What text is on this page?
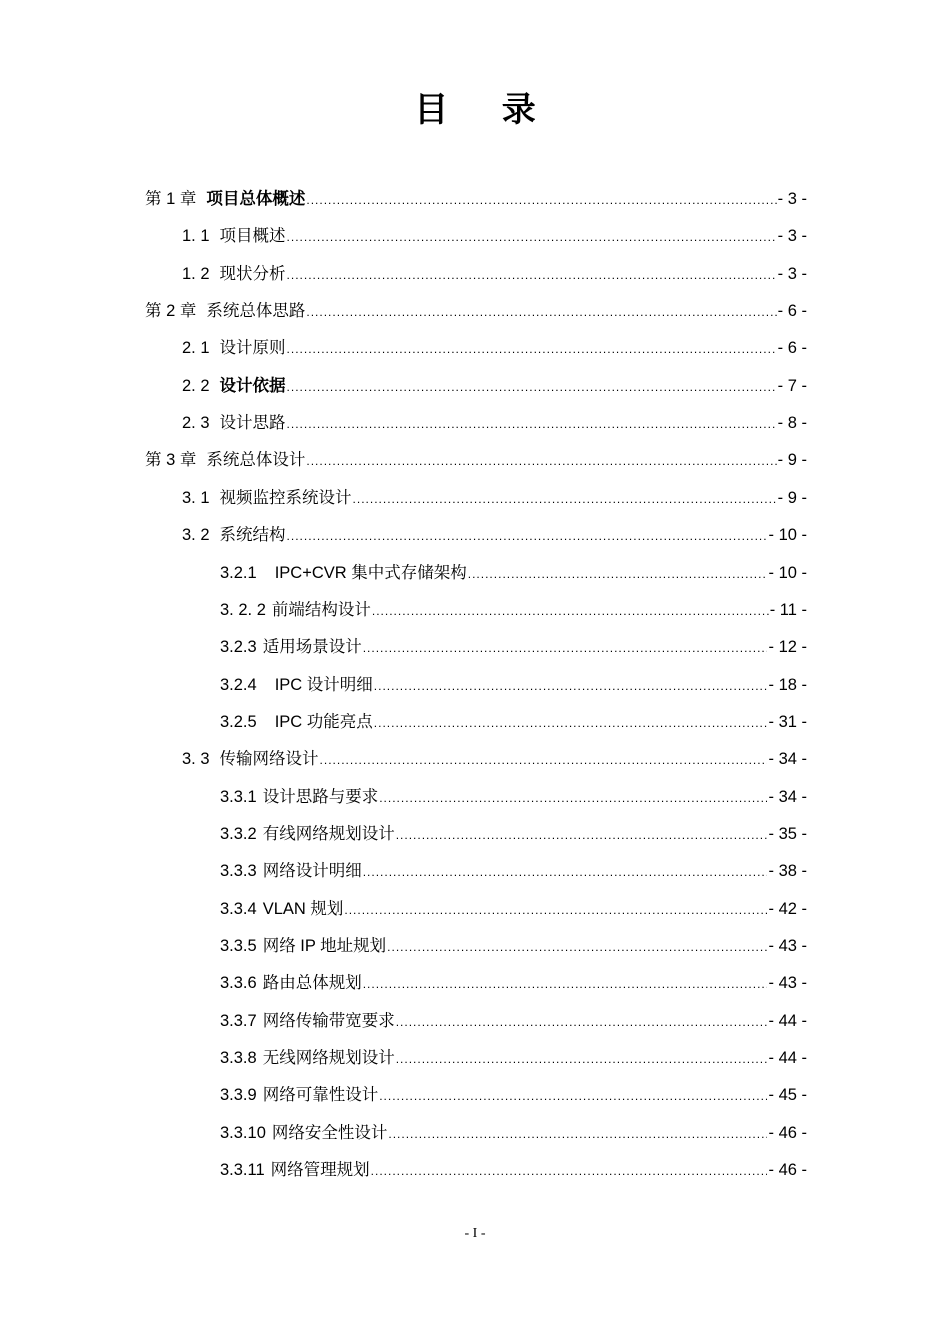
目 录
第 1 章 项目总体概述 .....	- 3 -
1. 1 项目概述 .....	- 3 -
1. 2 现状分析 .....	- 3 -
第 2 章 系统总体思路 .....	- 6 -
2. 1 设计原则 .....	- 6 -
2. 2 设计依据 .....	- 7 -
2. 3 设计思路 .....	- 8 -
第 3 章 系统总体设计 .....	- 9 -
3. 1 视频监控系统设计 .....	- 9 -
3. 2 系统结构 .....	- 10 -
3.2.1 IPC+CVR 集中式存储架构 .....	- 10 -
3. 2. 2 前端结构设计 .....	- 11 -
3.2.3 适用场景设计 .....	- 12 -
3.2.4 IPC 设计明细 .....	- 18 -
3.2.5 IPC 功能亮点 .....	- 31 -
3. 3 传输网络设计 .....	- 34 -
3.3.1 设计思路与要求 .....	- 34 -
3.3.2 有线网络规划设计 .....	- 35 -
3.3.3 网络设计明细 .....	- 38 -
3.3.4 VLAN 规划 .....	- 42 -
3.3.5 网络 IP 地址规划 .....	- 43 -
3.3.6 路由总体规划 .....	- 43 -
3.3.7 网络传输带宽要求 .....	- 44 -
3.3.8 无线网络规划设计 .....	- 44 -
3.3.9 网络可靠性设计 .....	- 45 -
3.3.10 网络安全性设计 .....	- 46 -
3.3.11 网络管理规划 .....	- 46 -
- I -
